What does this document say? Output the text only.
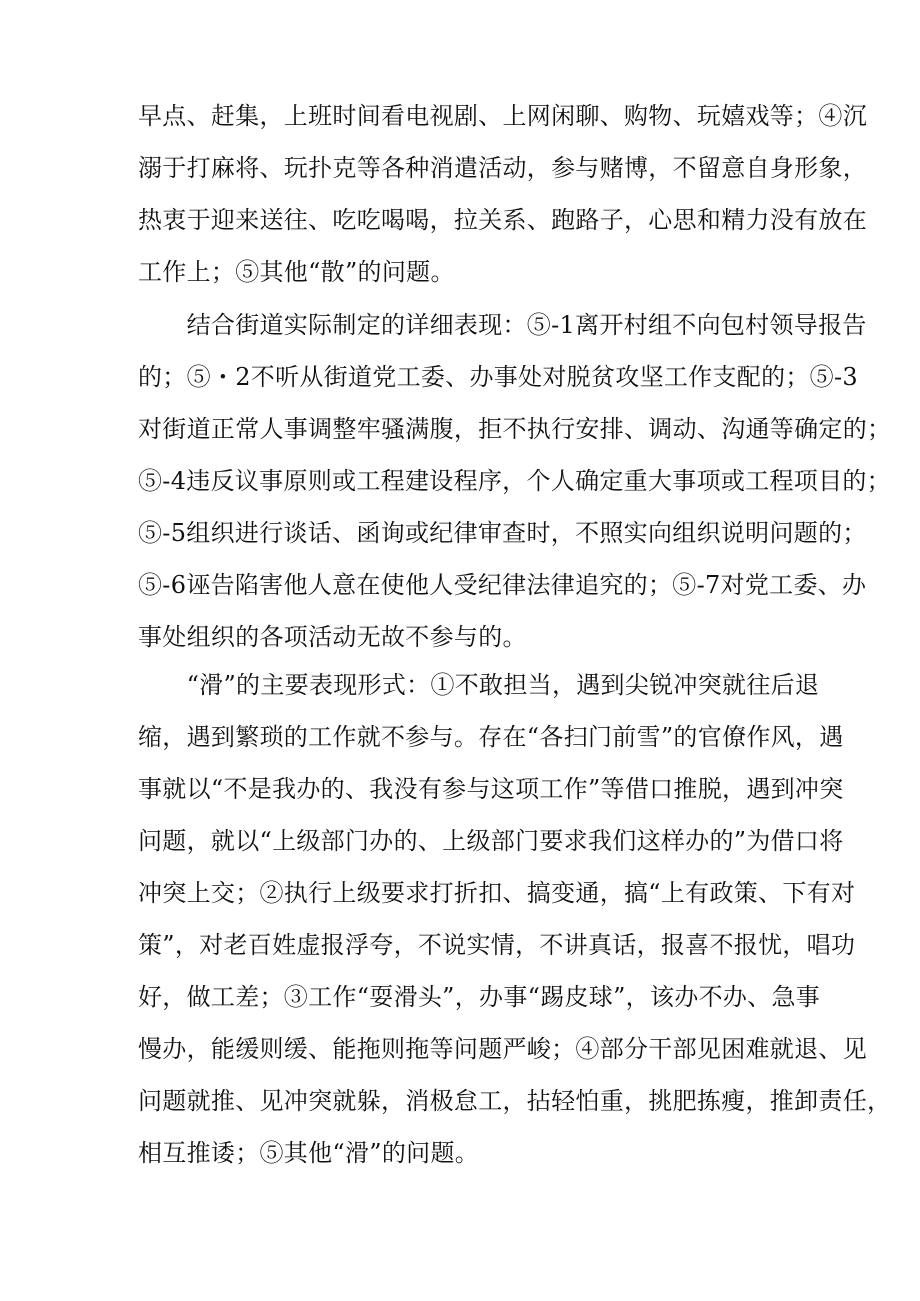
早点、赶集，上班时间看电视剧、上网闲聊、购物、玩嬉戏等；④沉
溺于打麻将、玩扑克等各种消遣活动，参与赌博，不留意自身形象，
热衷于迎来送往、吃吃喝喝，拉关系、跑路子，心思和精力没有放在
工作上；⑤其他“散”的问题。
　　结合街道实际制定的详细表现：⑤-1离开村组不向包村领导报告
的；⑤・2不听从街道党工委、办事处对脱贫攻坚工作支配的；⑤-3
对街道正常人事调整牢骚满腹，拒不执行安排、调动、沟通等确定的；
⑤-4违反议事原则或工程建设程序，个人确定重大事项或工程项目的；
⑤-5组织进行谈话、函询或纪律审查时，不照实向组织说明问题的；
⑤-6诬告陷害他人意在使他人受纪律法律追究的；⑤-7对党工委、办
事处组织的各项活动无故不参与的。
　　“滑”的主要表现形式：①不敢担当，遇到尖锐冲突就往后退
缩，遇到繁琐的工作就不参与。存在“各扫门前雪”的官僚作风，遇
事就以“不是我办的、我没有参与这项工作”等借口推脱，遇到冲突
问题，就以“上级部门办的、上级部门要求我们这样办的”为借口将
冲突上交；②执行上级要求打折扣、搞变通，搞“上有政策、下有对
策”，对老百姓虚报浮夸，不说实情，不讲真话，报喜不报忧，唱功
好，做工差；③工作“耍滑头”，办事“踢皮球”，该办不办、急事
慢办，能缓则缓、能拖则拖等问题严峻；④部分干部见困难就退、见
问题就推、见冲突就躲，消极怠工，拈轻怕重，挑肥拣瘦，推卸责任，
相互推诿；⑤其他“滑”的问题。
